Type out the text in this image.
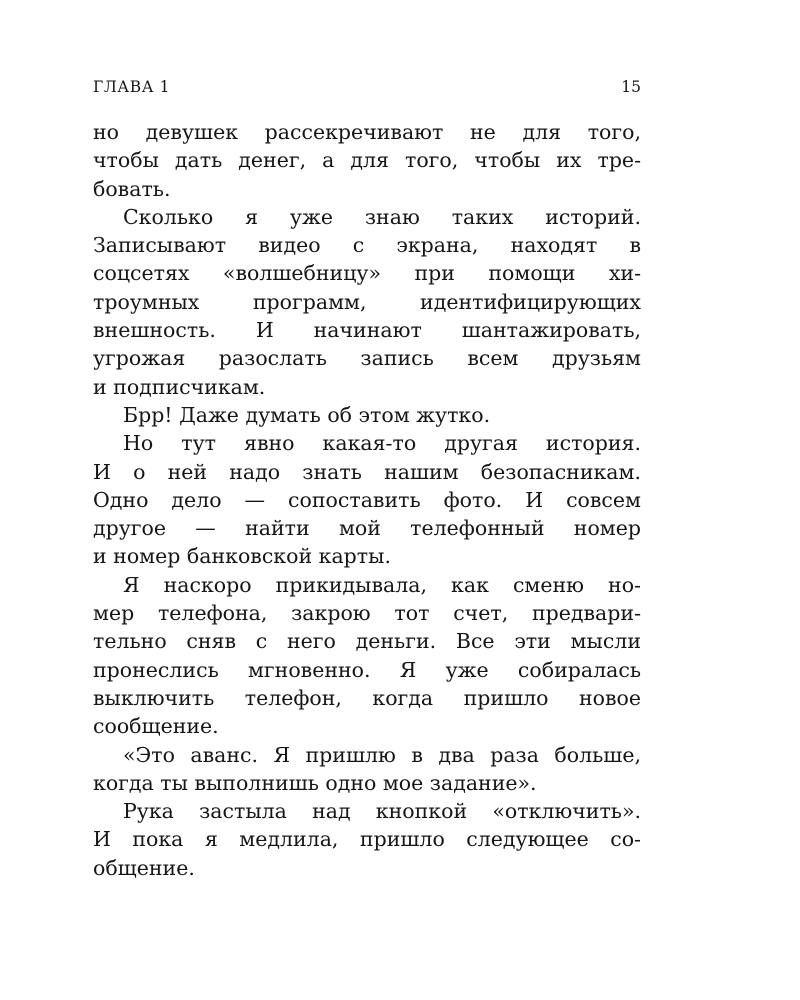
ГЛАВА 1	15
но девушек рассекречивают не для того,
чтобы дать денег, а для того, чтобы их тре-
бовать.
Сколько я уже знаю таких историй.
Записывают видео с экрана, находят в
соцсетях «волшебницу» при помощи хи-
троумных программ, идентифицирующих
внешность. И начинают шантажировать,
угрожая разослать запись всем друзьям
и подписчикам.
Брр! Даже думать об этом жутко.
Но тут явно какая-то другая история.
И о ней надо знать нашим безопасникам.
Одно дело — сопоставить фото. И совсем
другое — найти мой телефонный номер
и номер банковской карты.
Я наскоро прикидывала, как сменю но-
мер телефона, закрою тот счет, предвари-
тельно сняв с него деньги. Все эти мысли
пронеслись мгновенно. Я уже собиралась
выключить телефон, когда пришло новое
сообщение.
«Это аванс. Я пришлю в два раза больше,
когда ты выполнишь одно мое задание».
Рука застыла над кнопкой «отключить».
И пока я медлила, пришло следующее со-
общение.
